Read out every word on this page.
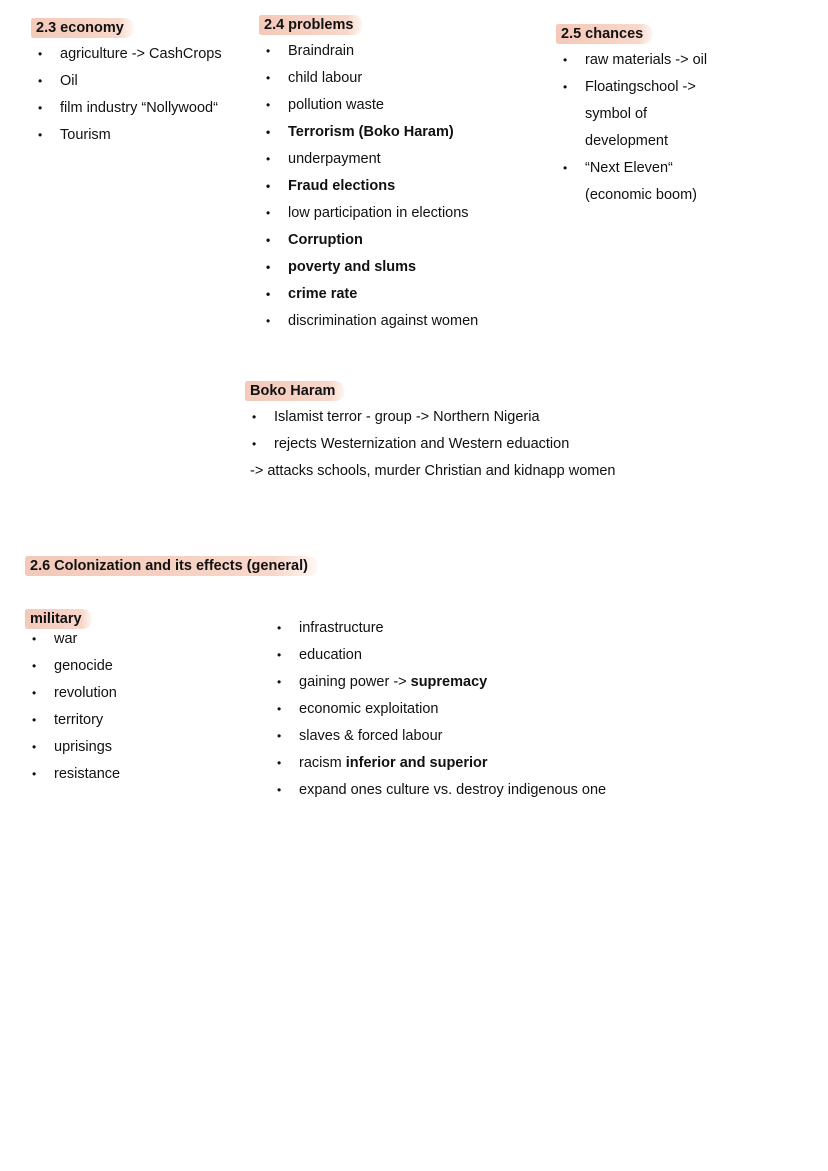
2.3 economy
• agriculture -> CashCrops
• Oil
• film industry “Nollywood“
• Tourism
2.4 problems
• Braindrain
• child labour
• pollution waste
• Terrorism (Boko Haram)
• underpayment
• Fraud elections
• low participation in elections
• Corruption
• poverty and slums
• crime rate
• discrimination against women
2.5 chances
• raw materials -> oil
• Floatingschool -> symbol of development
• “Next Eleven“ (economic boom)
Boko Haram
• Islamist terror - group -> Northern Nigeria
• rejects Westernization and Western eduaction
-> attacks schools, murder Christian and kidnapp women
2.6 Colonization and its effects (general)
military
• war
• genocide
• revolution
• territory
• uprisings
• resistance
• infrastructure
• education
• gaining power -> supremacy
• economic exploitation
• slaves & forced labour
• racism inferior and superior
• expand ones culture vs. destroy indigenous one
